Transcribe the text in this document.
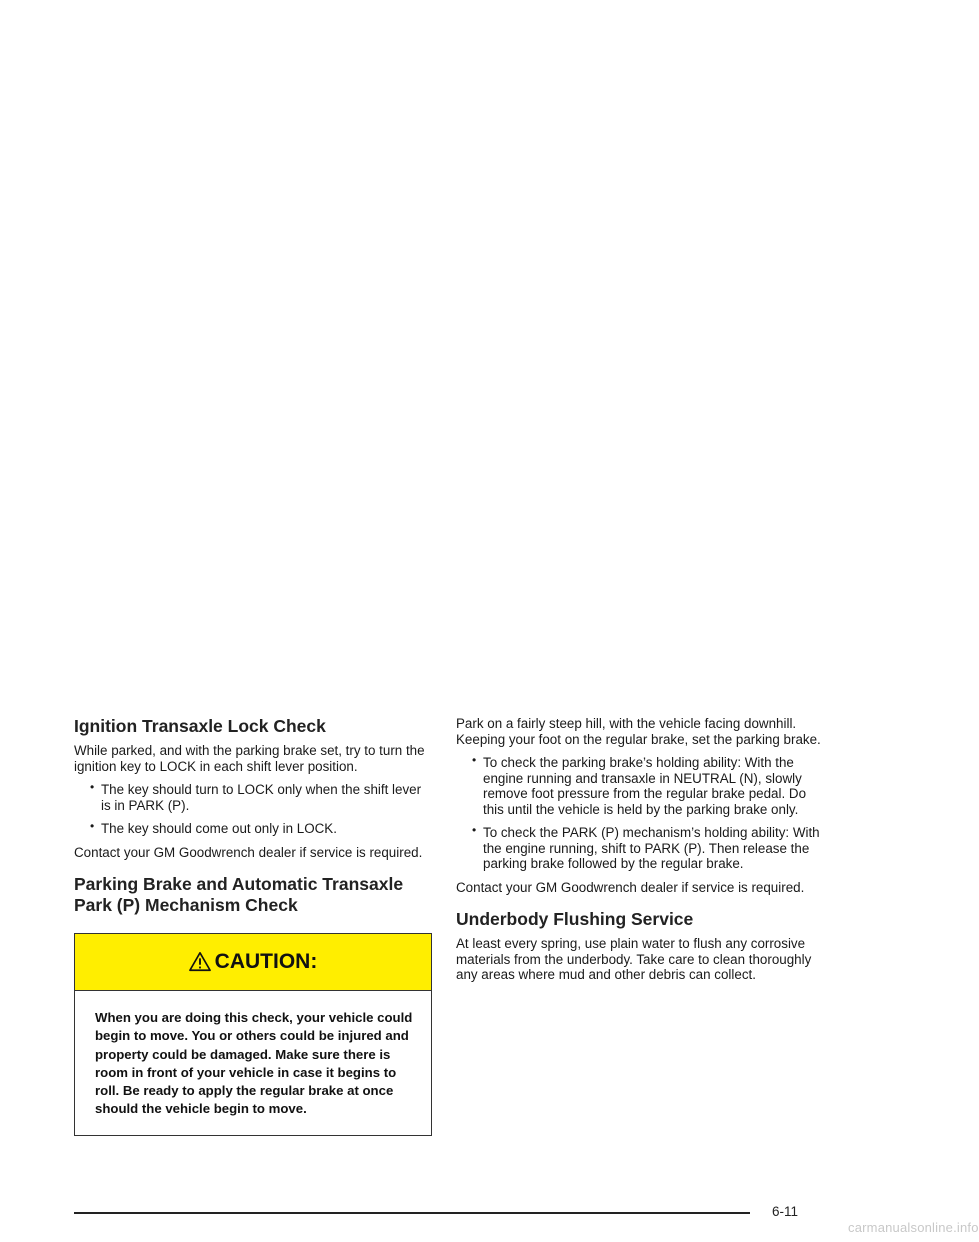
Ignition Transaxle Lock Check

While parked, and with the parking brake set, try to turn the ignition key to LOCK in each shift lever position.

• The key should turn to LOCK only when the shift lever is in PARK (P).
• The key should come out only in LOCK.

Contact your GM Goodwrench dealer if service is required.

Parking Brake and Automatic Transaxle Park (P) Mechanism Check
CAUTION:
When you are doing this check, your vehicle could begin to move. You or others could be injured and property could be damaged. Make sure there is room in front of your vehicle in case it begins to roll. Be ready to apply the regular brake at once should the vehicle begin to move.

Park on a fairly steep hill, with the vehicle facing downhill. Keeping your foot on the regular brake, set the parking brake.

• To check the parking brake’s holding ability: With the engine running and transaxle in NEUTRAL (N), slowly remove foot pressure from the regular brake pedal. Do this until the vehicle is held by the parking brake only.
• To check the PARK (P) mechanism’s holding ability: With the engine running, shift to PARK (P). Then release the parking brake followed by the regular brake.

Contact your GM Goodwrench dealer if service is required.

Underbody Flushing Service

At least every spring, use plain water to flush any corrosive materials from the underbody. Take care to clean thoroughly any areas where mud and other debris can collect.

6-11
carmanualsonline.info
